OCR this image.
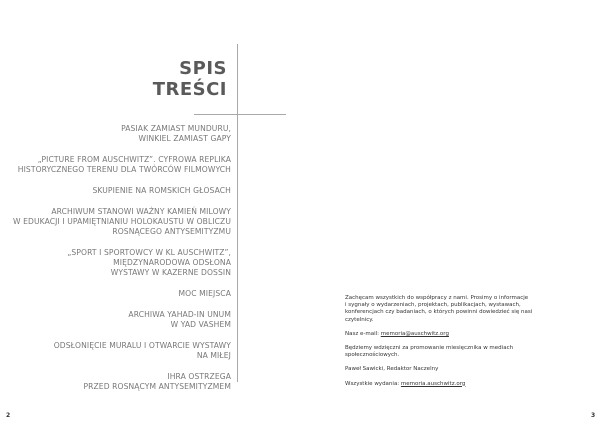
SPIS
TREŚCI
PASIAK ZAMIAST MUNDURU,
WINKIEL ZAMIAST GAPY
„PICTURE FROM AUSCHWITZ”. CYFROWA REPLIKA
HISTORYCZNEGO TERENU DLA TWÓRCÓW FILMOWYCH
SKUPIENIE NA ROMSKICH GŁOSACH
ARCHIWUM STANOWI WAŻNY KAMIEŃ MILOWY
W EDUKACJI I UPAMIĘTNIANIU HOLOKAUSTU W OBLICZU
ROSNĄCEGO ANTYSEMITYZMU
„SPORT I SPORTOWCY W KL AUSCHWITZ”,
MIĘDZYNARODOWA ODSŁONA
WYSTAWY W KAZERNE DOSSIN
MOC MIEJSCA
ARCHIWA YAHAD-IN UNUM
W YAD VASHEM
ODSŁONIĘCIE MURALU I OTWARCIE WYSTAWY
NA MIŁEJ
IHRA OSTRZEGA
PRZED ROSNĄCYM ANTYSEMITYZMEM

Zachęcam wszystkich do współpracy z nami. Prosimy o informacje
i sygnały o wydarzeniach, projektach, publikacjach, wystawach,
konferencjach czy badaniach, o których powinni dowiedzieć się nasi
czytelnicy.

Nasz e-mail: memoria@auschwitz.org

Będziemy wdzięczni za promowanie miesięcznika w mediach
społecznościowych.

Paweł Sawicki, Redaktor Naczelny

Wszystkie wydania: memoria.auschwitz.org

2	3
